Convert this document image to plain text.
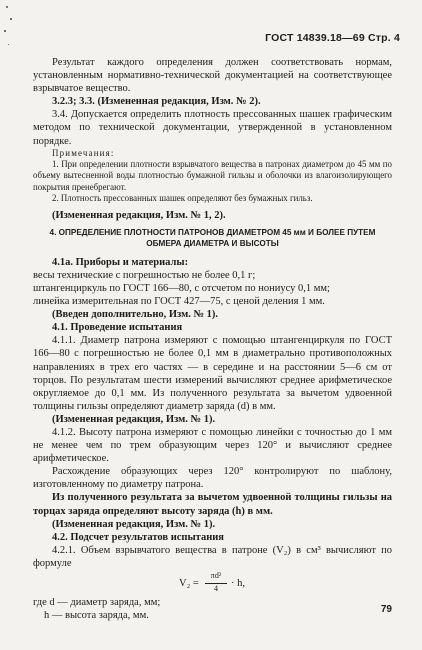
ГОСТ 14839.18—69 Стр. 4

Результат каждого определения должен соответствовать нормам, установленным нормативно-технической документацией на соответствующее взрывчатое вещество.

3.2.3; 3.3. (Измененная редакция, Изм. № 2).

3.4. Допускается определить плотность прессованных шашек графическим методом по технической документации, утвержденной в установленном порядке.

Примечания:

1. При определении плотности взрывчатого вещества в патронах диаметром до 45 мм по объему вытесненной воды плотностью бумажной гильзы и оболочки из влагоизолирующего покрытия пренебрегают.

2. Плотность прессованных шашек определяют без бумажных гильз.

(Измененная редакция, Изм. № 1, 2).

4. ОПРЕДЕЛЕНИЕ ПЛОТНОСТИ ПАТРОНОВ ДИАМЕТРОМ 45 мм И БОЛЕЕ ПУТЕМ ОБМЕРА ДИАМЕТРА И ВЫСОТЫ

4.1а. Приборы и материалы:

весы технические с погрешностью не более 0,1 г;

штангенциркуль по ГОСТ 166—80, с отсчетом по нониусу 0,1 мм;

линейка измерительная по ГОСТ 427—75, с ценой деления 1 мм.

(Введен дополнительно, Изм. № 1).

4.1. Проведение испытания

4.1.1. Диаметр патрона измеряют с помощью штангенциркуля по ГОСТ 166—80 с погрешностью не более 0,1 мм в диаметрально противоположных направлениях в трех его частях — в середине и на расстоянии 5—6 см от торцов. По результатам шести измерений вычисляют среднее арифметическое округляемое до 0,1 мм. Из полученного результата за вычетом удвоенной толщины гильзы определяют диаметр заряда (d) в мм.

(Измененная редакция, Изм. № 1).

4.1.2. Высоту патрона измеряют с помощью линейки с точностью до 1 мм не менее чем по трем образующим через 120° и вычисляют среднее арифметическое.

Расхождение образующих через 120° контролируют по шаблону, изготовленному по диаметру патрона.

Из полученного результата за вычетом удвоенной толщины гильзы на торцах заряда определяют высоту заряда (h) в мм.

(Измененная редакция, Изм. № 1).

4.2. Подсчет результатов испытания

4.2.1. Объем взрывчатого вещества в патроне (V₂) в см³ вычисляют по формуле

V₂ =
πd²
4	· h,

где d — диаметр заряда, мм;

h — высота заряда, мм.

79
